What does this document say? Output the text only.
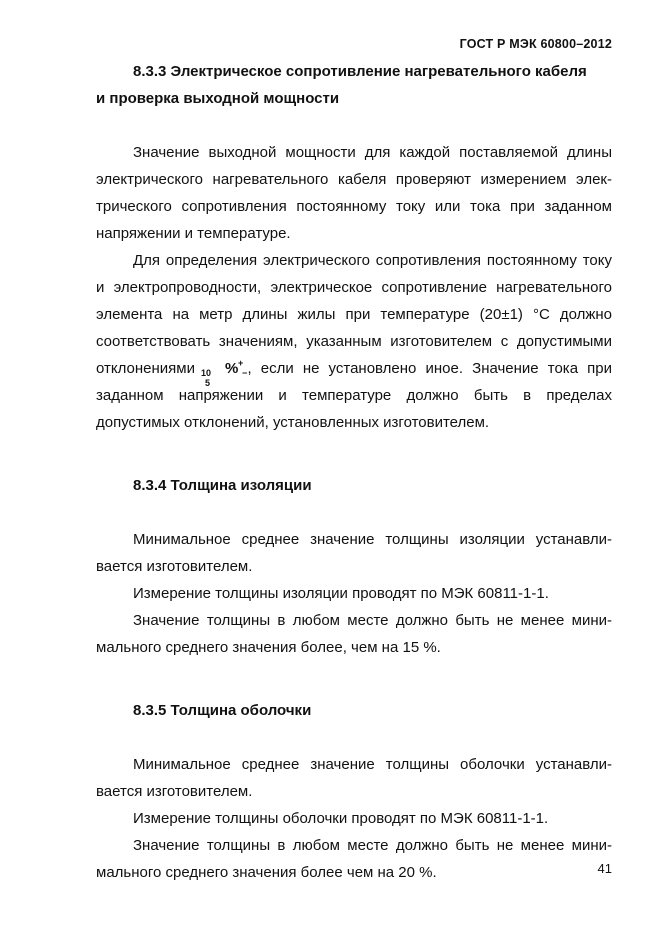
ГОСТ Р МЭК 60800–2012

8.3.3 Электрическое сопротивление нагревательного кабеля
и проверка выходной мощности

Значение выходной мощности для каждой поставляемой длины электрического нагревательного кабеля проверяют измерением электрического сопротивления постоянному току или тока при заданном напряжении и температуре.

Для определения электрического сопротивления постоянному току и электропроводности, электрическое сопротивление нагревательного элемента на метр длины жилы при температуре (20±1) °С должно соответствовать значениям, указанным изготовителем с допустимыми отклонениями	+ 10	− 5
% , если не установлено иное. Значение тока при заданном напряжении и температуре должно быть в пределах допустимых отклонений, установленных изготовителем.

8.3.4 Толщина изоляции

Минимальное среднее значение толщины изоляции устанавливается изготовителем.

Измерение толщины изоляции проводят по МЭК 60811-1-1.

Значение толщины в любом месте должно быть не менее минимального среднего значения более, чем на 15 %.

8.3.5 Толщина оболочки

Минимальное среднее значение толщины оболочки устанавливается изготовителем.

Измерение толщины оболочки проводят по МЭК 60811-1-1.

Значение толщины в любом месте должно быть не менее минимального среднего значения более чем на 20 %.	41
